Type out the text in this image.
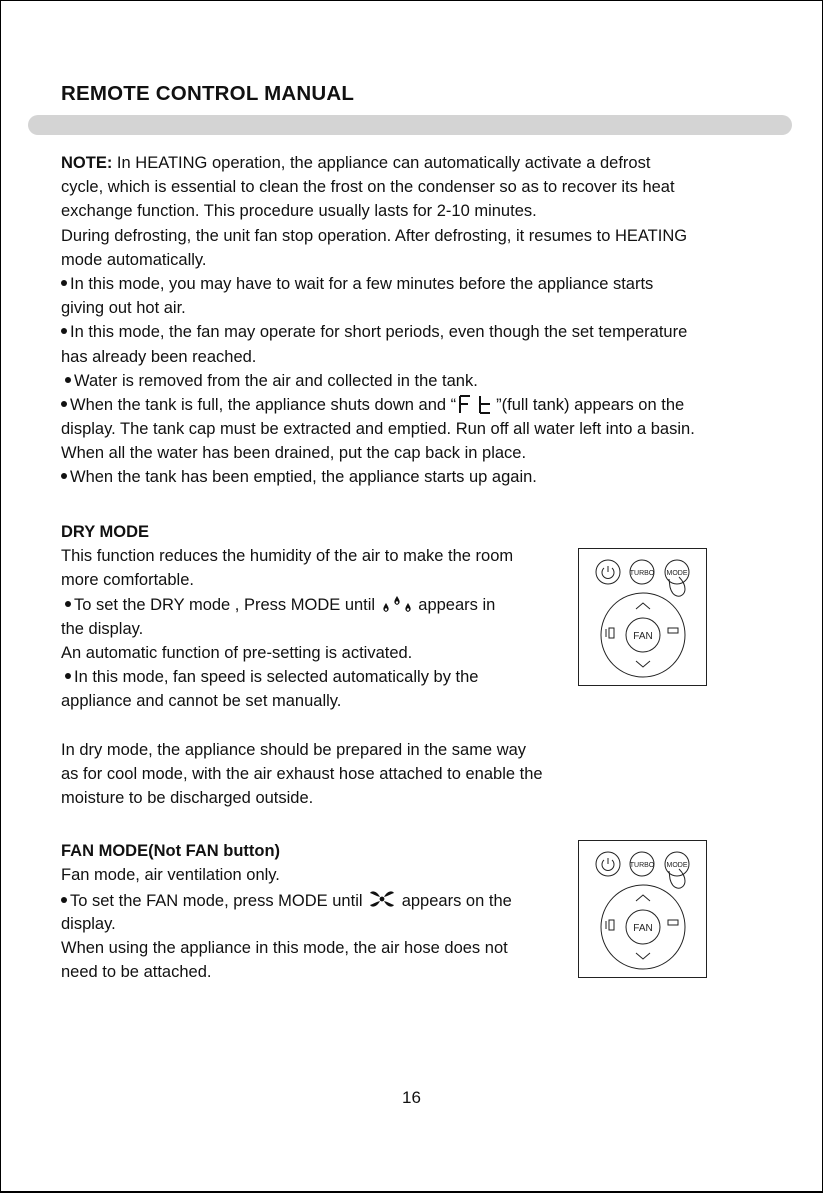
REMOTE CONTROL MANUAL
NOTE: In HEATING operation, the appliance can automatically activate a defrost
cycle, which is essential to clean the frost on the condenser so as to recover its heat
exchange function. This procedure usually lasts for 2-10 minutes.
During defrosting, the unit fan stop operation. After defrosting, it resumes to HEATING
mode automatically.
In this mode, you may have to wait for a few minutes before the appliance starts
giving out hot air.
In this mode, the fan may operate for short periods, even though the set temperature
has already been reached.
Water is removed from the air and collected in the tank.
When the tank is full, the appliance shuts down and “
FT
”(full tank) appears on the
display. The tank cap must be extracted and emptied. Run off all water left into a basin.
When all the water has been drained, put the cap back in place.
When the tank has been emptied, the appliance starts up again.
DRY MODE
This function reduces the humidity of the air to make the room
more comfortable.
To set the DRY mode , Press MODE until  appears in
the display.
An automatic function of pre-setting is activated.
In this mode, fan speed is selected automatically by the
appliance and cannot be set manually.
In dry mode, the appliance should be prepared in the same way
as for cool mode, with the air exhaust hose attached to enable the
moisture to be discharged outside.
FAN MODE(Not FAN button)
Fan mode, air ventilation only.
To set the FAN mode, press MODE until  appears on the
display.
When using the appliance in this mode, the air hose does not
need to be attached.
TURBO MODE
FAN
TURBO MODE
FAN
16
